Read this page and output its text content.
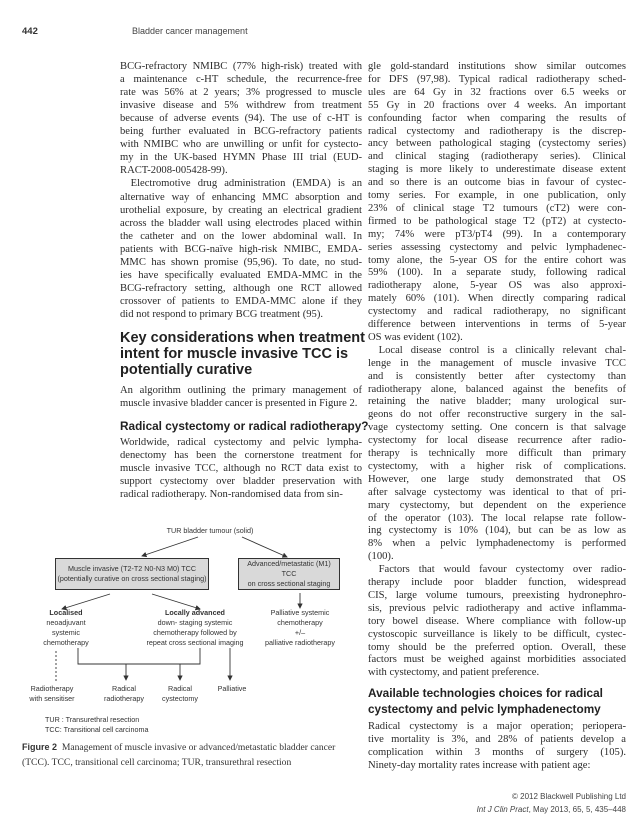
442	Bladder cancer management
BCG-refractory NMIBC (77% high-risk) treated with
a maintenance c-HT schedule, the recurrence-free
rate was 56% at 2 years; 3% progressed to muscle
invasive disease and 5% withdrew from treatment
because of adverse events (94). The use of c-HT is
being further evaluated in BCG-refractory patients
with NMIBC who are unwilling or unfit for cystecto-
my in the UK-based HYMN Phase III trial (EUD-
RACT-2008-005428-99).
 Electromotive drug administration (EMDA) is an
alternative way of enhancing MMC absorption and
urothelial exposure, by creating an electrical gradient
across the bladder wall using electrodes placed within
the catheter and on the lower abdominal wall. In
patients with BCG-naïve high-risk NMIBC, EMDA-
MMC has shown promise (95,96). To date, no stud-
ies have specifically evaluated EMDA-MMC in the
BCG-refractory setting, although one RCT allowed
crossover of patients to EMDA-MMC alone if they
did not respond to primary BCG treatment (95).
Key considerations when treatment
intent for muscle invasive TCC is
potentially curative
An algorithm outlining the primary management of
muscle invasive bladder cancer is presented in Figure 2.
Radical cystectomy or radical radiotherapy?
Worldwide, radical cystectomy and pelvic lympha-
denectomy has been the cornerstone treatment for
muscle invasive TCC, although no RCT data exist to
support cystectomy over bladder preservation with
radical radiotherapy. Non-randomised data from sin-
gle gold-standard institutions show similar outcomes
for DFS (97,98). Typical radical radiotherapy sched-
ules are 64 Gy in 32 fractions over 6.5 weeks or
55 Gy in 20 fractions over 4 weeks. An important
confounding factor when comparing the results of
radical cystectomy and radiotherapy is the discrep-
ancy between pathological staging (cystectomy series)
and clinical staging (radiotherapy series). Clinical
staging is more likely to underestimate disease extent
and so there is an outcome bias in favour of cystec-
tomy series. For example, in one publication, only
23% of clinical stage T2 tumours (cT2) were con-
firmed to be pathological stage T2 (pT2) at cystecto-
my; 74% were pT3/pT4 (99). In a contemporary
series assessing cystectomy and pelvic lymphadenec-
tomy alone, the 5-year OS for the entire cohort was
59% (100). In a separate study, following radical
radiotherapy alone, 5-year OS was also approxi-
mately 60% (101). When directly comparing radical
cystectomy and radical radiotherapy, no significant
difference between interventions in terms of 5-year
OS was evident (102).
 Local disease control is a clinically relevant chal-
lenge in the management of muscle invasive TCC
and is consistently better after cystectomy than
radiotherapy alone, balanced against the benefits of
retaining the native bladder; many urological sur-
geons do not offer reconstructive surgery in the sal-
vage cystectomy setting. One concern is that salvage
cystectomy for local disease recurrence after radio-
therapy is technically more difficult than primary
cystectomy, with a higher risk of complications.
However, one large study demonstrated that OS
after salvage cystectomy was identical to that of pri-
mary cystectomy, but dependent on the experience
of the operator (103). The local relapse rate follow-
ing cystectomy is 10% (104), but can be as low as
8% when a pelvic lymphadenectomy is performed
(100).
 Factors that would favour cystectomy over radio-
therapy include poor bladder function, widespread
CIS, large volume tumours, preexisting hydronephro-
sis, previous pelvic radiotherapy and active inflamma-
tory bowel disease. Where compliance with follow-up
cystoscopic surveillance is likely to be difficult, cystec-
tomy should be the preferred option. Overall, these
factors must be weighed against morbidities associated
with cystectomy, and patient preference.
Available technologies choices for radical
cystectomy and pelvic lymphadenectomy
Radical cystectomy is a major operation; periopera-
tive mortality is 3%, and 28% of patients develop a
complication within 3 months of surgery (105).
Ninety-day mortality rates increase with patient age:
TUR bladder tumour (solid)
Muscle invasive (T2-T2 N0-N3 M0) TCC
(potentially curative on cross sectional staging)
Advanced/metastatic (M1) TCC
on cross sectional staging
Localised
neoadjuvant
systemic
chemotherapy
Locally advanced
down- staging systemic
chemotherapy followed by
repeat cross sectional imaging
Palliative systemic
chemotherapy
+/–
palliative radiotherapy
Radiotherapy
with sensitiser
Radical
radiotherapy
Radical
cystectomy
Palliative
TUR : Transurethral resection
TCC: Transitional cell carcinoma
Figure 2 Management of muscle invasive or advanced/metastatic bladder cancer
(TCC). TCC, transitional cell carcinoma; TUR, transurethral resection
© 2012 Blackwell Publishing Ltd
Int J Clin Pract, May 2013, 65, 5, 435–448
